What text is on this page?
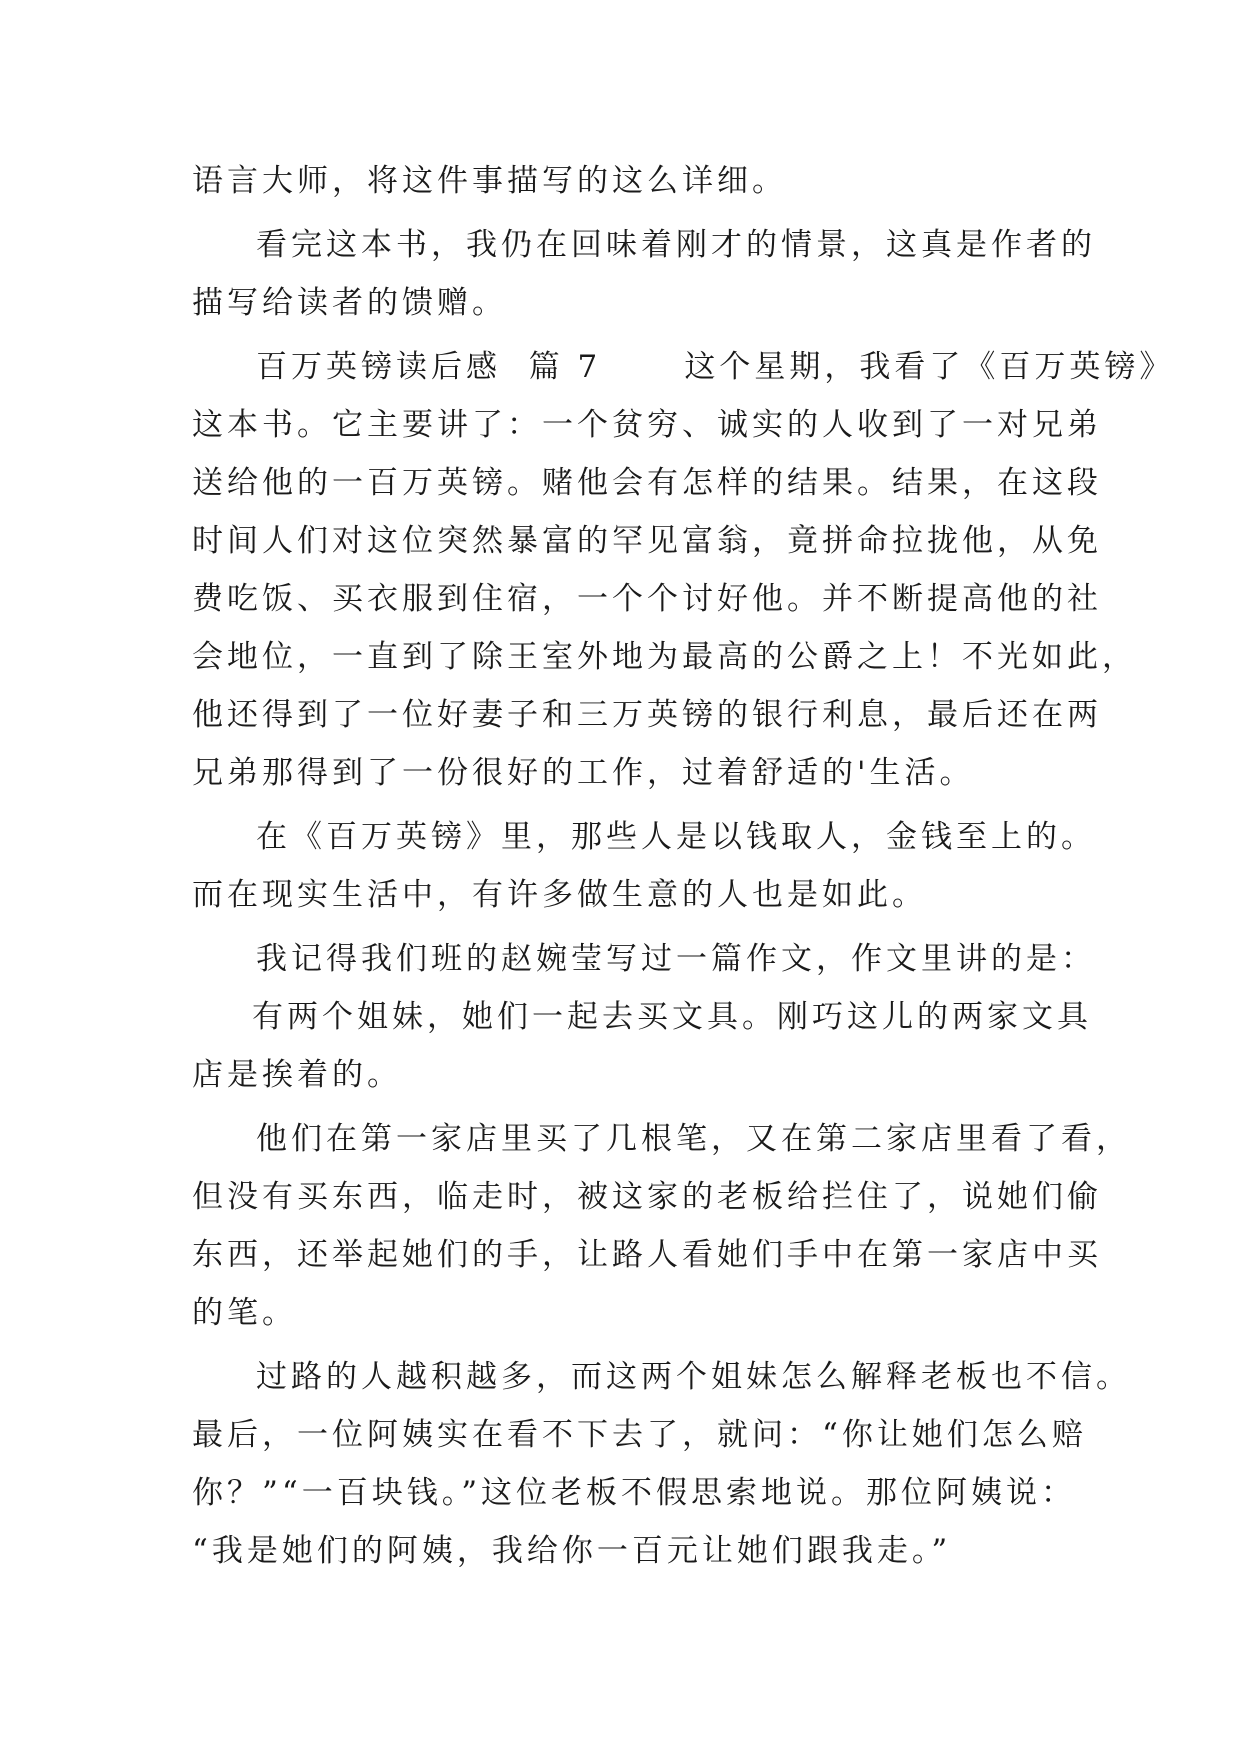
语言大师，将这件事描写的这么详细。
看完这本书，我仍在回味着刚才的情景，这真是作者的
描写给读者的馈赠。
百万英镑读后感  篇 7      这个星期，我看了《百万英镑》
这本书。它主要讲了：一个贫穷、诚实的人收到了一对兄弟
送给他的一百万英镑。赌他会有怎样的结果。结果，在这段
时间人们对这位突然暴富的罕见富翁，竟拼命拉拢他，从免
费吃饭、买衣服到住宿，一个个讨好他。并不断提高他的社
会地位，一直到了除王室外地为最高的公爵之上！不光如此，
他还得到了一位好妻子和三万英镑的银行利息，最后还在两
兄弟那得到了一份很好的工作，过着舒适的'生活。
在《百万英镑》里，那些人是以钱取人，金钱至上的。
而在现实生活中，有许多做生意的人也是如此。
我记得我们班的赵婉莹写过一篇作文，作文里讲的是：
有两个姐妹，她们一起去买文具。刚巧这儿的两家文具
店是挨着的。
他们在第一家店里买了几根笔，又在第二家店里看了看，
但没有买东西，临走时，被这家的老板给拦住了，说她们偷
东西，还举起她们的手，让路人看她们手中在第一家店中买
的笔。
过路的人越积越多，而这两个姐妹怎么解释老板也不信。
最后，一位阿姨实在看不下去了，就问：“你让她们怎么赔
你？”“一百块钱。”这位老板不假思索地说。那位阿姨说：
“我是她们的阿姨，我给你一百元让她们跟我走。”
